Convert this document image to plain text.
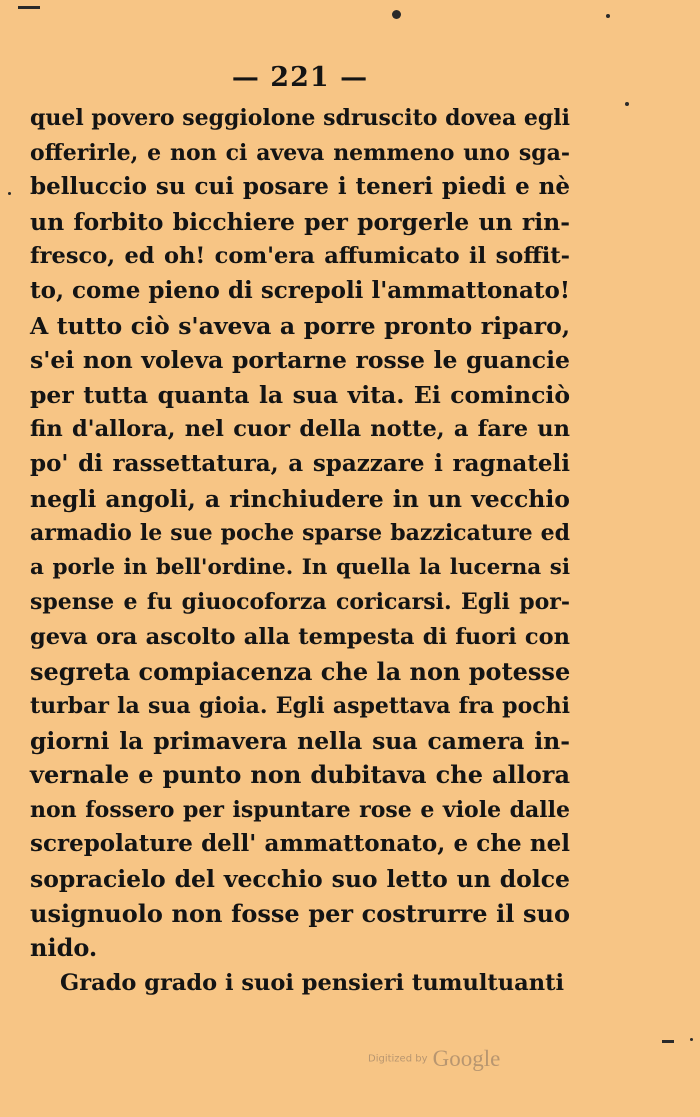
— 221 —
quel povero seggiolone sdruscito dovea egli
offerirle, e non ci aveva nemmeno uno sga-
belluccio su cui posare i teneri piedi e nè
un forbito bicchiere per porgerle un rin-
fresco, ed oh! com'era affumicato il soffit-
to, come pieno di screpoli l'ammattonato!
A tutto ciò s'aveva a porre pronto riparo,
s'ei non voleva portarne rosse le guancie
per tutta quanta la sua vita. Ei cominciò
fin d'allora, nel cuor della notte, a fare un
po' di rassettatura, a spazzare i ragnateli
negli angoli, a rinchiudere in un vecchio
armadio le sue poche sparse bazzicature ed
a porle in bell'ordine. In quella la lucerna si
spense e fu giuocoforza coricarsi. Egli por-
geva ora ascolto alla tempesta di fuori con
segreta compiacenza che la non potesse
turbar la sua gioia. Egli aspettava fra pochi
giorni la primavera nella sua camera in-
vernale e punto non dubitava che allora
non fossero per ispuntare rose e viole dalle
screpolature dell' ammattonato, e che nel
sopracielo del vecchio suo letto un dolce
usignuolo non fosse per costrurre il suo
nido.
Grado grado i suoi pensieri tumultuanti
Digitized by Google
